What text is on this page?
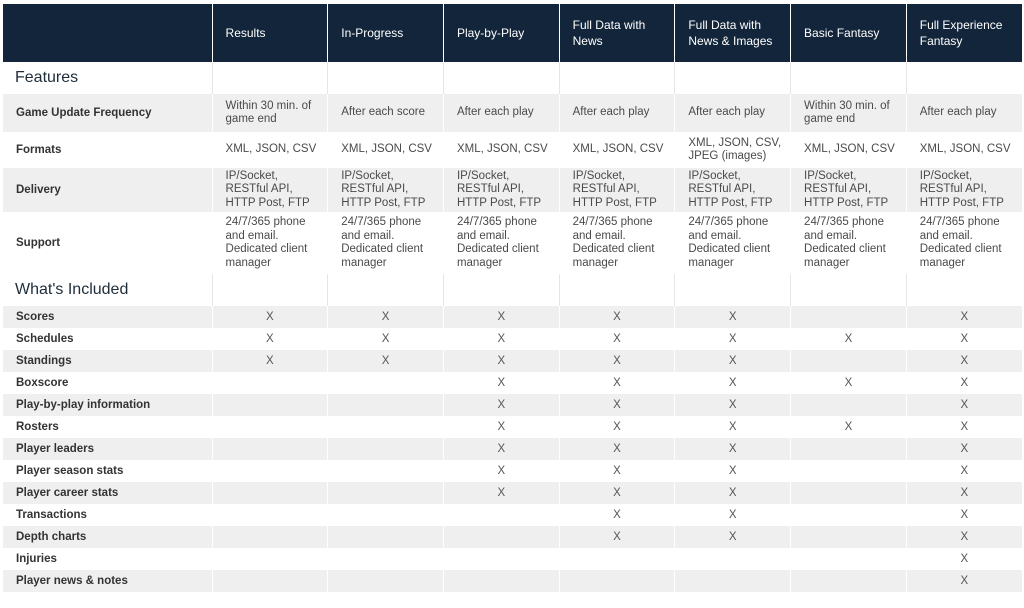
	Results	In-Progress	Play-by-Play	Full Data with News	Full Data with News & Images	Basic Fantasy	Full Experience Fantasy
Features							
Game Update Frequency	Within 30 min. of game end	After each score	After each play	After each play	After each play	Within 30 min. of game end	After each play
Formats	XML, JSON, CSV	XML, JSON, CSV	XML, JSON, CSV	XML, JSON, CSV	XML, JSON, CSV, JPEG (images)	XML, JSON, CSV	XML, JSON, CSV
Delivery	IP/Socket, RESTful API, HTTP Post, FTP	IP/Socket, RESTful API, HTTP Post, FTP	IP/Socket, RESTful API, HTTP Post, FTP	IP/Socket, RESTful API, HTTP Post, FTP	IP/Socket, RESTful API, HTTP Post, FTP	IP/Socket, RESTful API, HTTP Post, FTP	IP/Socket, RESTful API, HTTP Post, FTP
Support	24/7/365 phone and email. Dedicated client manager	24/7/365 phone and email. Dedicated client manager	24/7/365 phone and email. Dedicated client manager	24/7/365 phone and email. Dedicated client manager	24/7/365 phone and email. Dedicated client manager	24/7/365 phone and email. Dedicated client manager	24/7/365 phone and email. Dedicated client manager
What's Included							
Scores	X	X	X	X	X		X
Schedules	X	X	X	X	X	X	X
Standings	X	X	X	X	X		X
Boxscore			X	X	X	X	X
Play-by-play information			X	X	X		X
Rosters			X	X	X	X	X
Player leaders			X	X	X		X
Player season stats			X	X	X		X
Player career stats			X	X	X		X
Transactions				X	X		X
Depth charts				X	X		X
Injuries							X
Player news & notes							X
